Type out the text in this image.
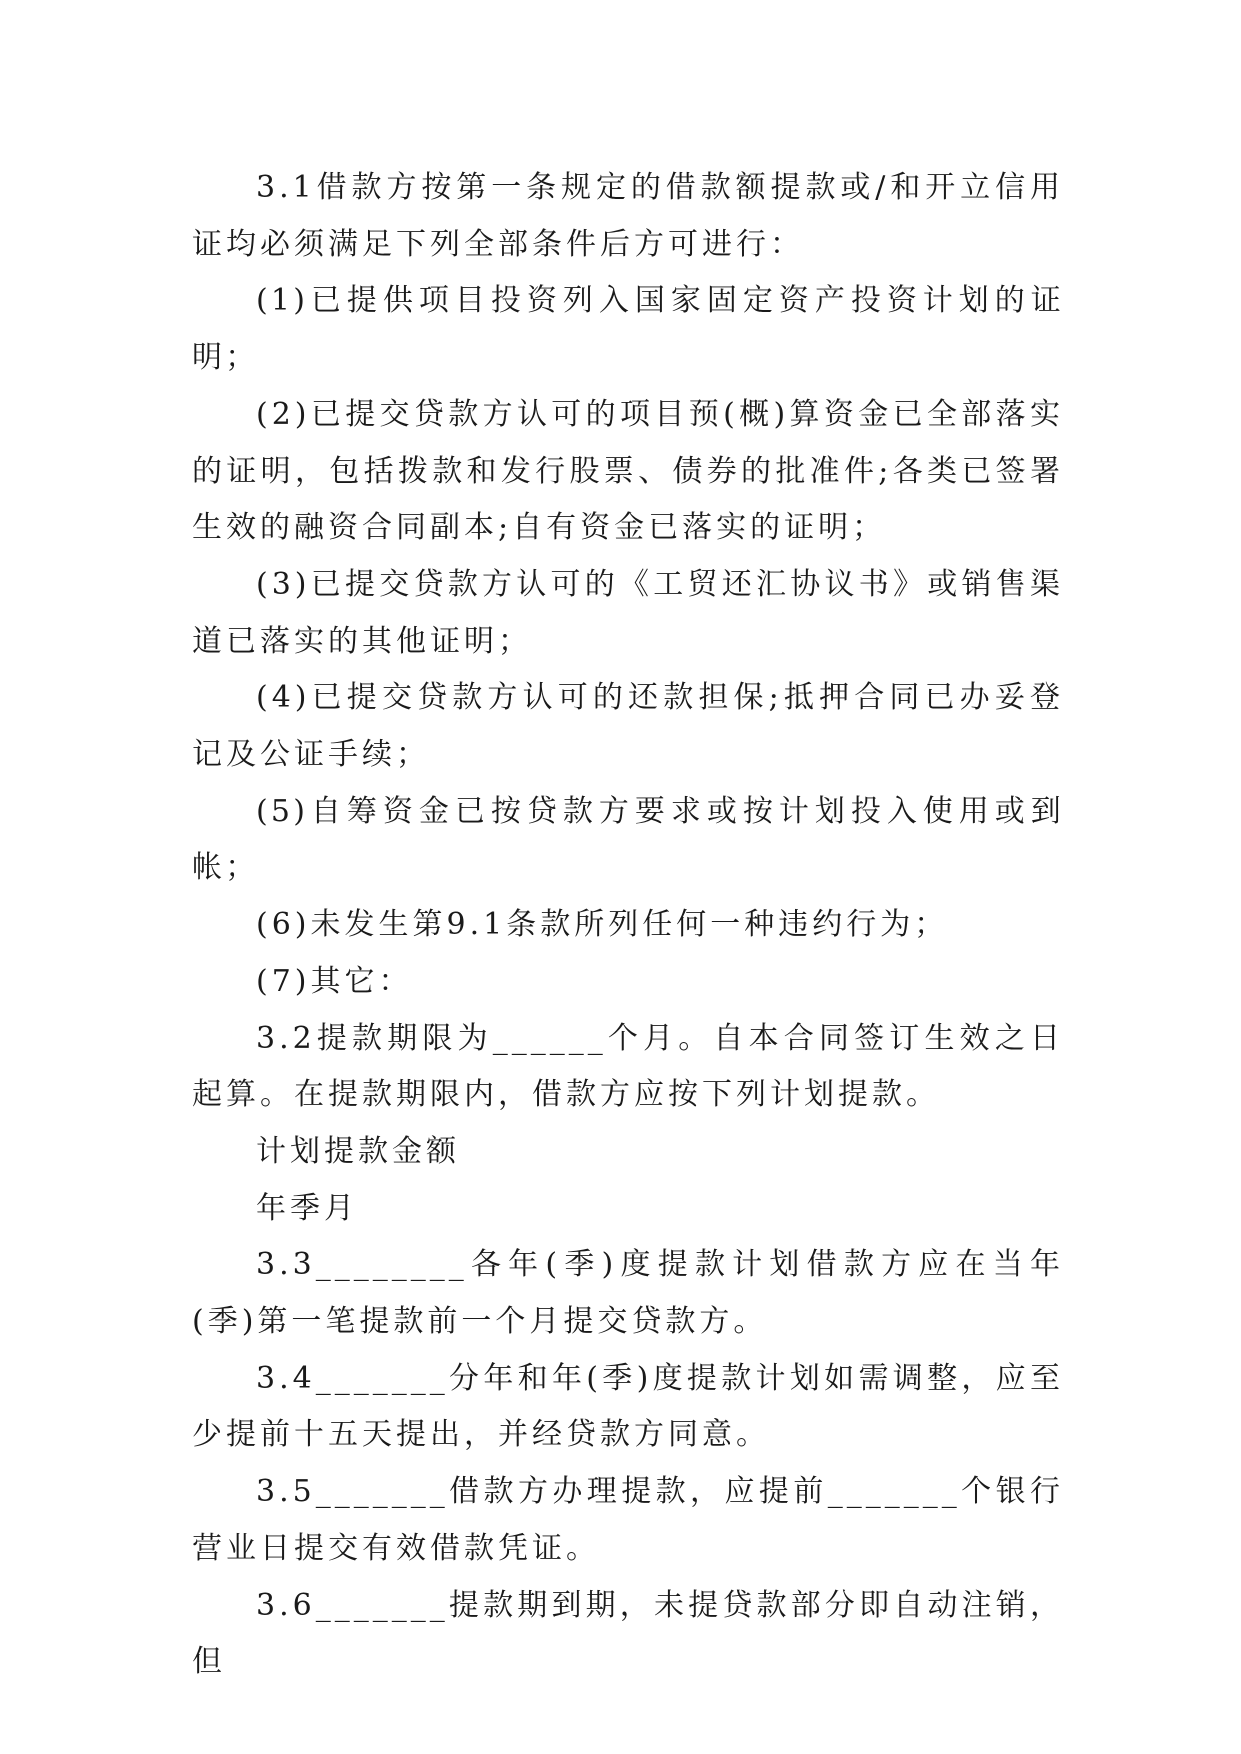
3.1借款方按第一条规定的借款额提款或/和开立信用证均必须满足下列全部条件后方可进行：

(1)已提供项目投资列入国家固定资产投资计划的证明；

(2)已提交贷款方认可的项目预(概)算资金已全部落实的证明，包括拨款和发行股票、债券的批准件;各类已签署生效的融资合同副本;自有资金已落实的证明；

(3)已提交贷款方认可的《工贸还汇协议书》或销售渠道已落实的其他证明；

(4)已提交贷款方认可的还款担保;抵押合同已办妥登记及公证手续；

(5)自筹资金已按贷款方要求或按计划投入使用或到帐；

(6)未发生第9.1条款所列任何一种违约行为；

(7)其它：

3.2提款期限为______个月。自本合同签订生效之日起算。在提款期限内，借款方应按下列计划提款。

计划提款金额

年季月

3.3________各年(季)度提款计划借款方应在当年(季)第一笔提款前一个月提交贷款方。

3.4_______分年和年(季)度提款计划如需调整，应至少提前十五天提出，并经贷款方同意。

3.5_______借款方办理提款，应提前_______个银行营业日提交有效借款凭证。

3.6_______提款期到期，未提贷款部分即自动注销，但
